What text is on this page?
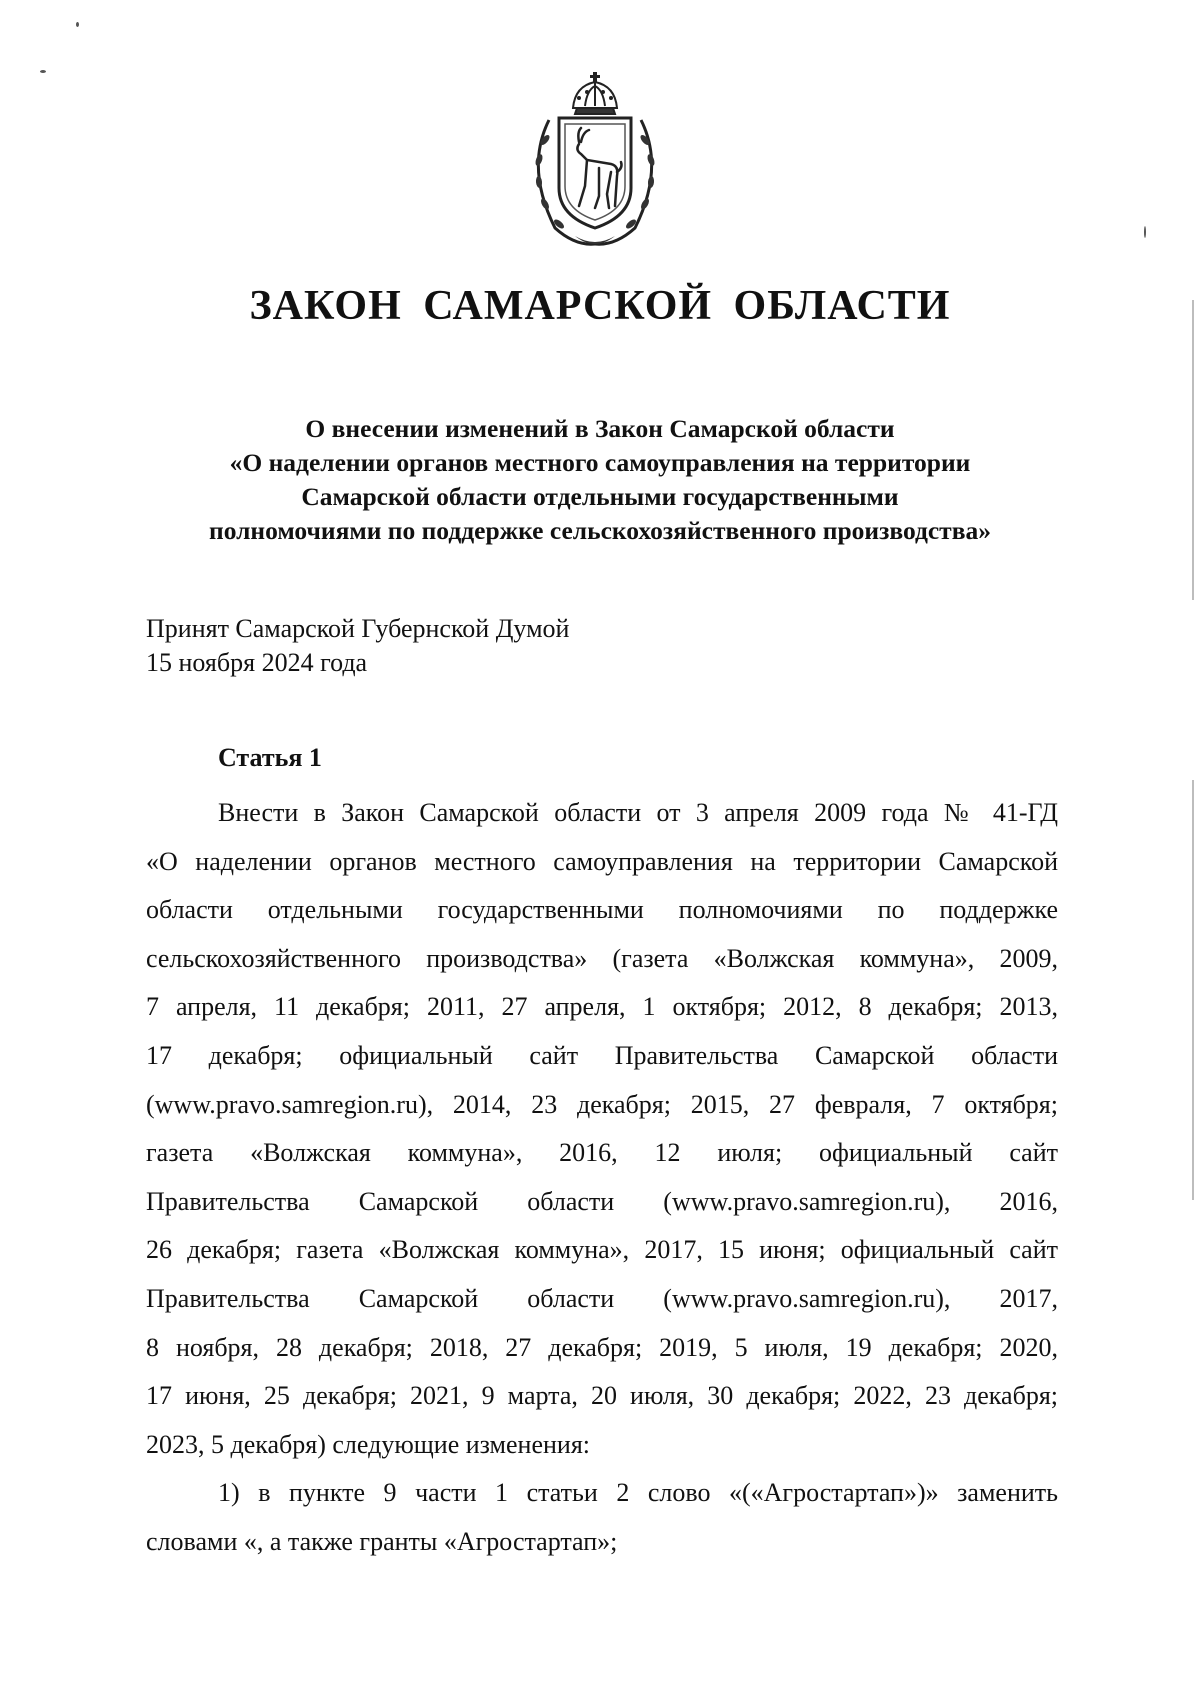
ЗАКОН САМАРСКОЙ ОБЛАСТИ
О внесении изменений в Закон Самарской области
«О наделении органов местного самоуправления на территории
Самарской области отдельными государственными
полномочиями по поддержке сельскохозяйственного производства»
Принят Самарской Губернской Думой
15 ноября 2024 года
Статья 1
Внести в Закон Самарской области от 3 апреля 2009 года № 41-ГД
«О наделении органов местного самоуправления на территории Самарской
области отдельными государственными полномочиями по поддержке
сельскохозяйственного производства» (газета «Волжская коммуна», 2009,
7 апреля, 11 декабря; 2011, 27 апреля, 1 октября; 2012, 8 декабря; 2013,
17 декабря; официальный сайт Правительства Самарской области
(www.pravo.samregion.ru), 2014, 23 декабря; 2015, 27 февраля, 7 октября;
газета «Волжская коммуна», 2016, 12 июля; официальный сайт
Правительства Самарской области (www.pravo.samregion.ru), 2016,
26 декабря; газета «Волжская коммуна», 2017, 15 июня; официальный сайт
Правительства Самарской области (www.pravo.samregion.ru), 2017,
8 ноября, 28 декабря; 2018, 27 декабря; 2019, 5 июля, 19 декабря; 2020,
17 июня, 25 декабря; 2021, 9 марта, 20 июля, 30 декабря; 2022, 23 декабря;
2023, 5 декабря) следующие изменения:
1) в пункте 9 части 1 статьи 2 слово «(«Агростартап»)» заменить
словами «, а также гранты «Агростартап»;
